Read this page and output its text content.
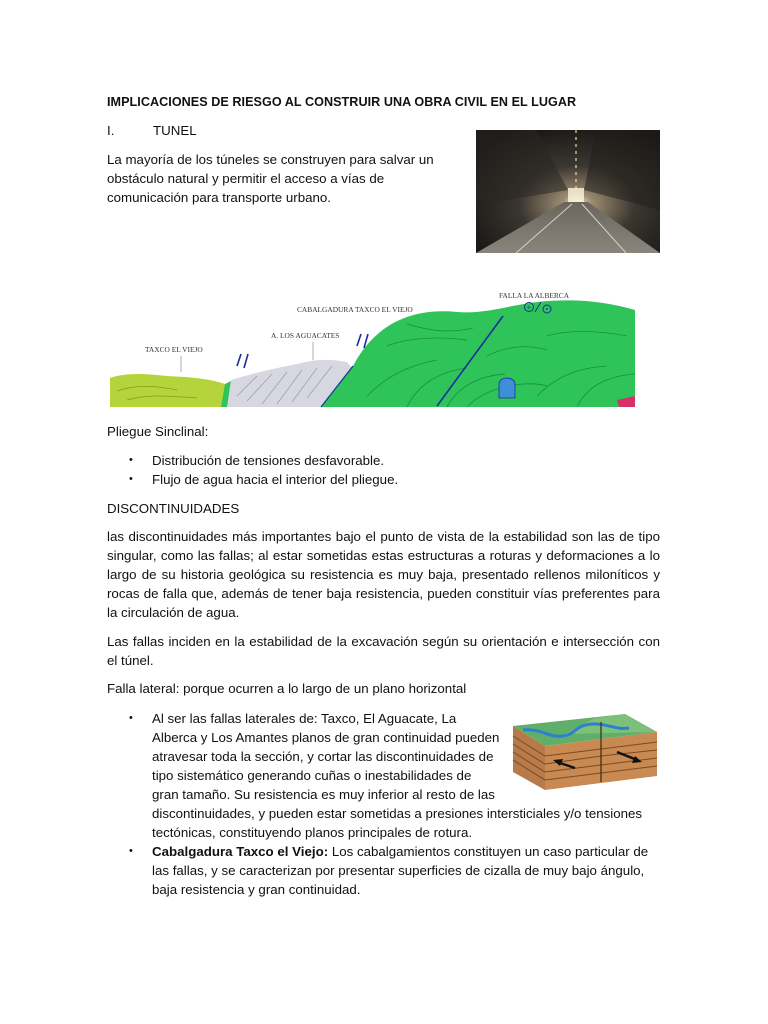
IMPLICACIONES DE RIESGO AL CONSTRUIR UNA OBRA CIVIL EN EL LUGAR
I.	TUNEL
La mayoría de los túneles se construyen para salvar un obstáculo natural y permitir el acceso a vías de comunicación para transporte urbano.
+
TAXCO EL VIEJO
A. LOS AGUACATES
CABALGADURA TAXCO EL VIEJO
FALLA LA ALBERCA
Pliegue Sinclinal:
• Distribución de tensiones desfavorable.
• Flujo de agua hacia el interior del pliegue.
DISCONTINUIDADES
las discontinuidades más importantes bajo el punto de vista de la estabilidad son las de tipo singular, como las fallas; al estar sometidas estas estructuras a roturas y deformaciones a lo largo de su historia geológica su resistencia es muy baja, presentado rellenos miloníticos y rocas de falla que, además de tener baja resistencia, pueden constituir vías preferentes para la circulación de agua.
Las fallas inciden en la estabilidad de la excavación según su orientación e intersección con el túnel.
Falla lateral: porque ocurren a lo largo de un plano horizontal
• Al ser las fallas laterales de: Taxco, El Aguacate, La Alberca y Los Amantes planos de gran continuidad pueden atravesar toda la sección, y cortar las discontinuidades de tipo sistemático generando cuñas o inestabilidades de gran tamaño. Su resistencia es muy inferior al resto de las
discontinuidades, y pueden estar sometidas a presiones intersticiales y/o tensiones tectónicas, constituyendo planos principales de rotura.
• Cabalgadura Taxco el Viejo: Los cabalgamientos constituyen un caso particular de las fallas, y se caracterizan por presentar superficies de cizalla de muy bajo ángulo, baja resistencia y gran continuidad.
